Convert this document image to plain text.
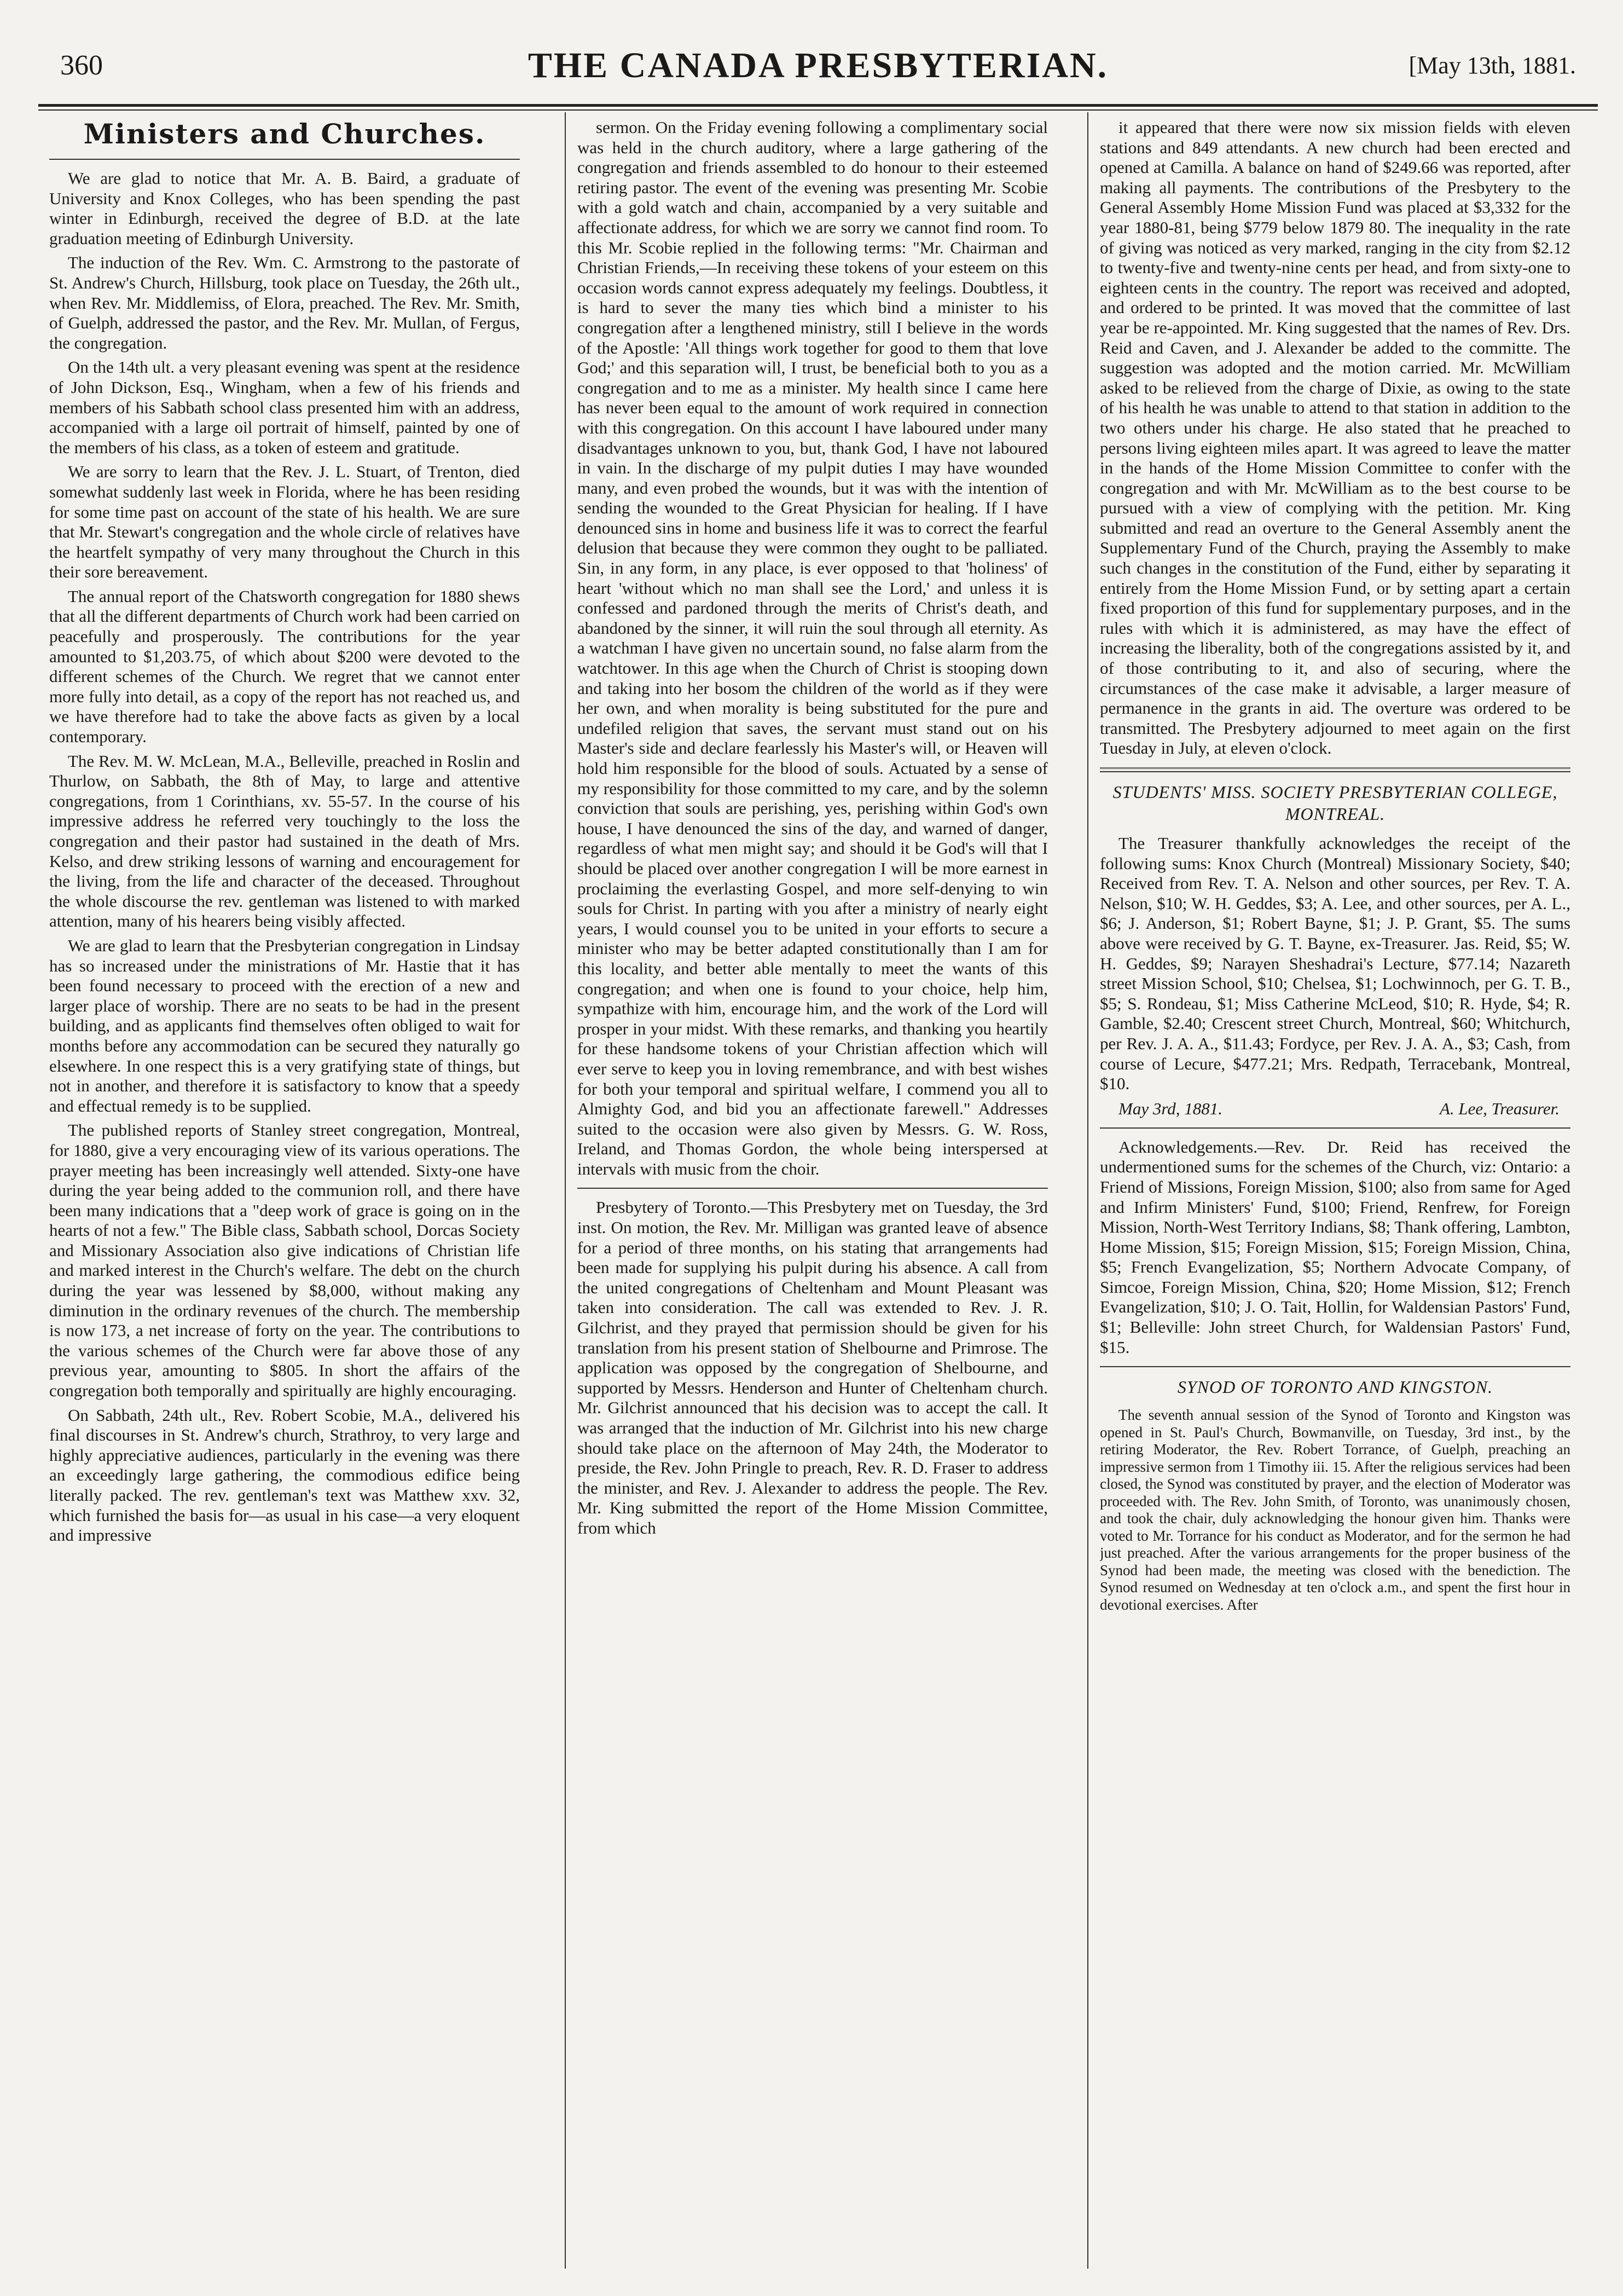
360	THE CANADA PRESBYTERIAN.	[May 13th, 1881.
Ministers and Churches.

We are glad to notice that Mr. A. B. Baird, a graduate of University and Knox Colleges, who has been spending the past winter in Edinburgh, received the degree of B.D. at the late graduation meeting of Edinburgh University.

The induction of the Rev. Wm. C. Armstrong to the pastorate of St. Andrew's Church, Hillsburg, took place on Tuesday, the 26th ult., when Rev. Mr. Middlemiss, of Elora, preached. The Rev. Mr. Smith, of Guelph, addressed the pastor, and the Rev. Mr. Mullan, of Fergus, the congregation.

On the 14th ult. a very pleasant evening was spent at the residence of John Dickson, Esq., Wingham, when a few of his friends and members of his Sabbath school class presented him with an address, accompanied with a large oil portrait of himself, painted by one of the members of his class, as a token of esteem and gratitude.

We are sorry to learn that the Rev. J. L. Stuart, of Trenton, died somewhat suddenly last week in Florida, where he has been residing for some time past on account of the state of his health. We are sure that Mr. Stewart's congregation and the whole circle of relatives have the heartfelt sympathy of very many throughout the Church in this their sore bereavement.

The annual report of the Chatsworth congregation for 1880 shews that all the different departments of Church work had been carried on peacefully and prosperously. The contributions for the year amounted to $1,203.75, of which about $200 were devoted to the different schemes of the Church. We regret that we cannot enter more fully into detail, as a copy of the report has not reached us, and we have therefore had to take the above facts as given by a local contemporary.

The Rev. M. W. McLean, M.A., Belleville, preached in Roslin and Thurlow, on Sabbath, the 8th of May, to large and attentive congregations, from 1 Corinthians, xv. 55-57. In the course of his impressive address he referred very touchingly to the loss the congregation and their pastor had sustained in the death of Mrs. Kelso, and drew striking lessons of warning and encouragement for the living, from the life and character of the deceased. Throughout the whole discourse the rev. gentleman was listened to with marked attention, many of his hearers being visibly affected.

We are glad to learn that the Presbyterian congregation in Lindsay has so increased under the ministrations of Mr. Hastie that it has been found necessary to proceed with the erection of a new and larger place of worship. There are no seats to be had in the present building, and as applicants find themselves often obliged to wait for months before any accommodation can be secured they naturally go elsewhere. In one respect this is a very gratifying state of things, but not in another, and therefore it is satisfactory to know that a speedy and effectual remedy is to be supplied.

The published reports of Stanley street congregation, Montreal, for 1880, give a very encouraging view of its various operations. The prayer meeting has been increasingly well attended. Sixty-one have during the year being added to the communion roll, and there have been many indications that a "deep work of grace is going on in the hearts of not a few." The Bible class, Sabbath school, Dorcas Society and Missionary Association also give indications of Christian life and marked interest in the Church's welfare. The debt on the church during the year was lessened by $8,000, without making any diminution in the ordinary revenues of the church. The membership is now 173, a net increase of forty on the year. The contributions to the various schemes of the Church were far above those of any previous year, amounting to $805. In short the affairs of the congregation both temporally and spiritually are highly encouraging.

On Sabbath, 24th ult., Rev. Robert Scobie, M.A., delivered his final discourses in St. Andrew's church, Strathroy, to very large and highly appreciative audiences, particularly in the evening was there an exceedingly large gathering, the commodious edifice being literally packed. The rev. gentleman's text was Matthew xxv. 32, which furnished the basis for—as usual in his case—a very eloquent and impressive

sermon. On the Friday evening following a complimentary social was held in the church auditory, where a large gathering of the congregation and friends assembled to do honour to their esteemed retiring pastor. The event of the evening was presenting Mr. Scobie with a gold watch and chain, accompanied by a very suitable and affectionate address, for which we are sorry we cannot find room. To this Mr. Scobie replied in the following terms: "Mr. Chairman and Christian Friends,—In receiving these tokens of your esteem on this occasion words cannot express adequately my feelings. Doubtless, it is hard to sever the many ties which bind a minister to his congregation after a lengthened ministry, still I believe in the words of the Apostle: 'All things work together for good to them that love God;' and this separation will, I trust, be beneficial both to you as a congregation and to me as a minister. My health since I came here has never been equal to the amount of work required in connection with this congregation. On this account I have laboured under many disadvantages unknown to you, but, thank God, I have not laboured in vain. In the discharge of my pulpit duties I may have wounded many, and even probed the wounds, but it was with the intention of sending the wounded to the Great Physician for healing. If I have denounced sins in home and business life it was to correct the fearful delusion that because they were common they ought to be palliated. Sin, in any form, in any place, is ever opposed to that 'holiness' of heart 'without which no man shall see the Lord,' and unless it is confessed and pardoned through the merits of Christ's death, and abandoned by the sinner, it will ruin the soul through all eternity. As a watchman I have given no uncertain sound, no false alarm from the watchtower. In this age when the Church of Christ is stooping down and taking into her bosom the children of the world as if they were her own, and when morality is being substituted for the pure and undefiled religion that saves, the servant must stand out on his Master's side and declare fearlessly his Master's will, or Heaven will hold him responsible for the blood of souls. Actuated by a sense of my responsibility for those committed to my care, and by the solemn conviction that souls are perishing, yes, perishing within God's own house, I have denounced the sins of the day, and warned of danger, regardless of what men might say; and should it be God's will that I should be placed over another congregation I will be more earnest in proclaiming the everlasting Gospel, and more self-denying to win souls for Christ. In parting with you after a ministry of nearly eight years, I would counsel you to be united in your efforts to secure a minister who may be better adapted constitutionally than I am for this locality, and better able mentally to meet the wants of this congregation; and when one is found to your choice, help him, sympathize with him, encourage him, and the work of the Lord will prosper in your midst. With these remarks, and thanking you heartily for these handsome tokens of your Christian affection which will ever serve to keep you in loving remembrance, and with best wishes for both your temporal and spiritual welfare, I commend you all to Almighty God, and bid you an affectionate farewell." Addresses suited to the occasion were also given by Messrs. G. W. Ross, Ireland, and Thomas Gordon, the whole being interspersed at intervals with music from the choir.

Presbytery of Toronto.—This Presbytery met on Tuesday, the 3rd inst. On motion, the Rev. Mr. Milligan was granted leave of absence for a period of three months, on his stating that arrangements had been made for supplying his pulpit during his absence. A call from the united congregations of Cheltenham and Mount Pleasant was taken into consideration. The call was extended to Rev. J. R. Gilchrist, and they prayed that permission should be given for his translation from his present station of Shelbourne and Primrose. The application was opposed by the congregation of Shelbourne, and supported by Messrs. Henderson and Hunter of Cheltenham church. Mr. Gilchrist announced that his decision was to accept the call. It was arranged that the induction of Mr. Gilchrist into his new charge should take place on the afternoon of May 24th, the Moderator to preside, the Rev. John Pringle to preach, Rev. R. D. Fraser to address the minister, and Rev. J. Alexander to address the people. The Rev. Mr. King submitted the report of the Home Mission Committee, from which

it appeared that there were now six mission fields with eleven stations and 849 attendants. A new church had been erected and opened at Camilla. A balance on hand of $249.66 was reported, after making all payments. The contributions of the Presbytery to the General Assembly Home Mission Fund was placed at $3,332 for the year 1880-81, being $779 below 1879 80. The inequality in the rate of giving was noticed as very marked, ranging in the city from $2.12 to twenty-five and twenty-nine cents per head, and from sixty-one to eighteen cents in the country. The report was received and adopted, and ordered to be printed. It was moved that the committee of last year be re-appointed. Mr. King suggested that the names of Rev. Drs. Reid and Caven, and J. Alexander be added to the committe. The suggestion was adopted and the motion carried. Mr. McWilliam asked to be relieved from the charge of Dixie, as owing to the state of his health he was unable to attend to that station in addition to the two others under his charge. He also stated that he preached to persons living eighteen miles apart. It was agreed to leave the matter in the hands of the Home Mission Committee to confer with the congregation and with Mr. McWilliam as to the best course to be pursued with a view of complying with the petition. Mr. King submitted and read an overture to the General Assembly anent the Supplementary Fund of the Church, praying the Assembly to make such changes in the constitution of the Fund, either by separating it entirely from the Home Mission Fund, or by setting apart a certain fixed proportion of this fund for supplementary purposes, and in the rules with which it is administered, as may have the effect of increasing the liberality, both of the congregations assisted by it, and of those contributing to it, and also of securing, where the circumstances of the case make it advisable, a larger measure of permanence in the grants in aid. The overture was ordered to be transmitted. The Presbytery adjourned to meet again on the first Tuesday in July, at eleven o'clock.

STUDENTS' MISS. SOCIETY PRESBYTERIAN COLLEGE, MONTREAL.

The Treasurer thankfully acknowledges the receipt of the following sums: Knox Church (Montreal) Missionary Society, $40; Received from Rev. T. A. Nelson and other sources, per Rev. T. A. Nelson, $10; W. H. Geddes, $3; A. Lee, and other sources, per A. L., $6; J. Anderson, $1; Robert Bayne, $1; J. P. Grant, $5. The sums above were received by G. T. Bayne, ex-Treasurer. Jas. Reid, $5; W. H. Geddes, $9; Narayen Sheshadrai's Lecture, $77.14; Nazareth street Mission School, $10; Chelsea, $1; Lochwinnoch, per G. T. B., $5; S. Rondeau, $1; Miss Catherine McLeod, $10; R. Hyde, $4; R. Gamble, $2.40; Crescent street Church, Montreal, $60; Whitchurch, per Rev. J. A. A., $11.43; Fordyce, per Rev. J. A. A., $3; Cash, from course of Lecure, $477.21; Mrs. Redpath, Terracebank, Montreal, $10.

May 3rd, 1881.	A. Lee, Treasurer.

Acknowledgements.—Rev. Dr. Reid has received the undermentioned sums for the schemes of the Church, viz: Ontario: a Friend of Missions, Foreign Mission, $100; also from same for Aged and Infirm Ministers' Fund, $100; Friend, Renfrew, for Foreign Mission, North-West Territory Indians, $8; Thank offering, Lambton, Home Mission, $15; Foreign Mission, $15; Foreign Mission, China, $5; French Evangelization, $5; Northern Advocate Company, of Simcoe, Foreign Mission, China, $20; Home Mission, $12; French Evangelization, $10; J. O. Tait, Hollin, for Waldensian Pastors' Fund, $1; Belleville: John street Church, for Waldensian Pastors' Fund, $15.

SYNOD OF TORONTO AND KINGSTON.

The seventh annual session of the Synod of Toronto and Kingston was opened in St. Paul's Church, Bowmanville, on Tuesday, 3rd inst., by the retiring Moderator, the Rev. Robert Torrance, of Guelph, preaching an impressive sermon from 1 Timothy iii. 15. After the religious services had been closed, the Synod was constituted by prayer, and the election of Moderator was proceeded with. The Rev. John Smith, of Toronto, was unanimously chosen, and took the chair, duly acknowledging the honour given him. Thanks were voted to Mr. Torrance for his conduct as Moderator, and for the sermon he had just preached. After the various arrangements for the proper business of the Synod had been made, the meeting was closed with the benediction. The Synod resumed on Wednesday at ten o'clock a.m., and spent the first hour in devotional exercises. After
